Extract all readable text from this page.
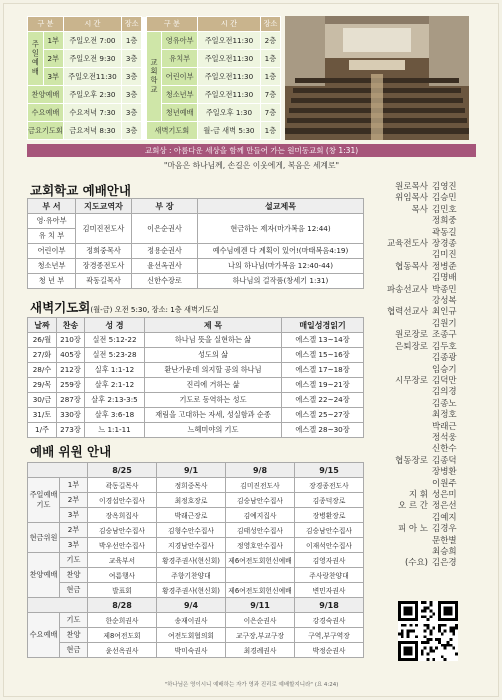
구 분		시 간	장소		구 분		시 간	장소
주일예배	1부	주일오전 7:00	1층		교회학교	영유아부	주일오전11:30	2층
	2부	주일오전 9:30	3층			유치부	주일오전11:30	1층
	3부	주일오전11:30	3층			어린이부	주일오전11:30	1층
찬양예배		주일오후 2:30	3층			청소년부	주일오전11:30	7층
수요예배		수요저녁 7:30	3층			청년예배	주일오후 1:30	7층
금요기도회		금요저녁 8:30	3층		새벽기도회		월-금 새벽 5:30	1층
교회상 : 아름다운 세상을 함께 만들어 가는 원미동교회 (창 1:31)
"마음은 하나님께, 손길은 이웃에게, 복음은 세계로"
교회학교 예배안내
부 서	지도교역자	부 장	설교제목
영·유아부	김미진전도사	이은순권사	현금하는 제자(마가복음 12:44)
유 치 부			
어린이부	정희중목사	정용순권사	예수님에겐 다 계획이 있어!(마태복음4:19)
청소년부	장경종전도사	윤선옥권사	나의 하나님(마가복음 12:40-44)
청 년 부	곽동길목사	신한수장로	하나님의 걸작품(창세기 1:31)
새벽기도회(월-금) 오전 5:30, 장소: 1층 새벽기도실
날짜	찬송	성 경	제 목	매일성경읽기
26/월	210장	실전 5:12-22	하나님 뜻을 실현하는 삶	에스겔 13~14장
27/화	405장	실전 5:23-28	성도의 삶	에스겔 15~16장
28/수	212장	실후 1:1-12	환난가운데 의지할 공의 하나님	에스겔 17~18장
29/목	259장	살후 2:1-12	진리에 거하는 삶	에스겔 19~21장
30/금	287장	살후 2:13-3:5	기도로 동역하는 성도	에스겔 22~24장
31/토	330장	살후 3:6-18	재림을 고대하는 자세, 성실함과 순종	에스겔 25~27장
1/주	273장	느 1:1-11	느헤미야의 기도	에스겔 28~30장
예배 위원 안내
		8/25	9/1	9/8	9/15
주일예배기도	1부	곽동길목사	정희중목사	김미진전도사	장경종전도사
	2부	이경섭안수집사	최정호장로	김승남안수집사	김종덕장로
	3부	장옥희집사	박래근장로	김예지집사	장병환장로
현금위원	2부	김승남안수집사	김형수안수집사	김태성안수집사	김승남안수집사
	3부	박우선안수집사	지경남안수집사	정영호안수집사	이재석안수집사
찬양예배	기도	교육부서	황경주권사(현신회)	제6여전도회헌신예배	김영자권사
	찬양	여름행사	주향기찬양대		주사랑찬양대
	현금	발표회	황경주권사(현신회)	제6여전도회헌신예배	변민자권사
		8/28	9/4	9/11	9/18
수요예배	기도	한순희권사	송재이권사	이은순권사	강경숙권사
	찬양	제8여전도회	여전도회협의회	교구장,부교구장	구역,부구역장
	현금	윤선옥권사	박미숙권사	최경례권사	박정순권사
원로목사 김영진
위임목사 김승민
목사 김민호
정희중
곽동길
교육전도사 장경종
김미진
협동목사 정병준
김명배
파송선교사 박종민
강성복
협력선교사 최인규
김원기
원로장로 조종구
은퇴장로 김두호
김종광
임승기
시무장로 김덕만
김의경
김종노
최정호
박래근
정석웅
신한수
협동장로 김종덕
장병환
이원주
지 휘 성은미
오 르 간 정은선
김예지
피 아 노 김경우
문한별
최승희
(수요) 김은경
"하나님은 영이시니 예배하는 자가 영과 진리로 예배할지니라" (요 4:24)
